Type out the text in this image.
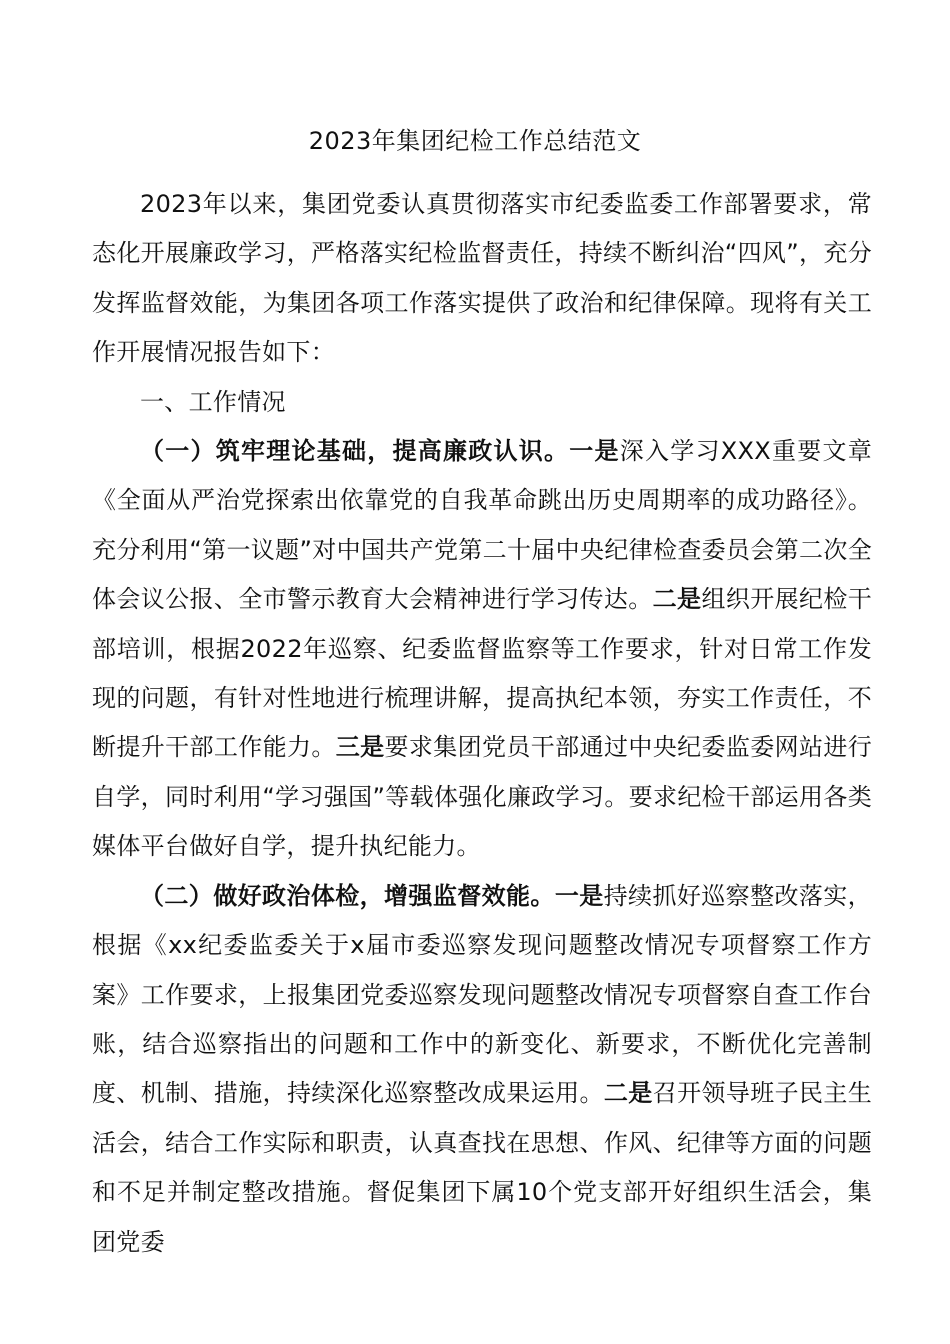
2023年集团纪检工作总结范文

2023年以来，集团党委认真贯彻落实市纪委监委工作部署要求，常态化开展廉政学习，严格落实纪检监督责任，持续不断纠治“四风”，充分发挥监督效能，为集团各项工作落实提供了政治和纪律保障。现将有关工作开展情况报告如下：

一、工作情况

（一）筑牢理论基础，提高廉政认识。一是深入学习XXX重要文章《全面从严治党探索出依靠党的自我革命跳出历史周期率的成功路径》。充分利用“第一议题”对中国共产党第二十届中央纪律检查委员会第二次全体会议公报、全市警示教育大会精神进行学习传达。二是组织开展纪检干部培训，根据2022年巡察、纪委监督监察等工作要求，针对日常工作发现的问题，有针对性地进行梳理讲解，提高执纪本领，夯实工作责任，不断提升干部工作能力。三是要求集团党员干部通过中央纪委监委网站进行自学，同时利用“学习强国”等载体强化廉政学习。要求纪检干部运用各类媒体平台做好自学，提升执纪能力。

（二）做好政治体检，增强监督效能。一是持续抓好巡察整改落实，根据《xx纪委监委关于x届市委巡察发现问题整改情况专项督察工作方案》工作要求，上报集团党委巡察发现问题整改情况专项督察自查工作台账，结合巡察指出的问题和工作中的新变化、新要求，不断优化完善制度、机制、措施，持续深化巡察整改成果运用。二是召开领导班子民主生活会，结合工作实际和职责，认真查找在思想、作风、纪律等方面的问题和不足并制定整改措施。督促集团下属10个党支部开好组织生活会，集团党委
